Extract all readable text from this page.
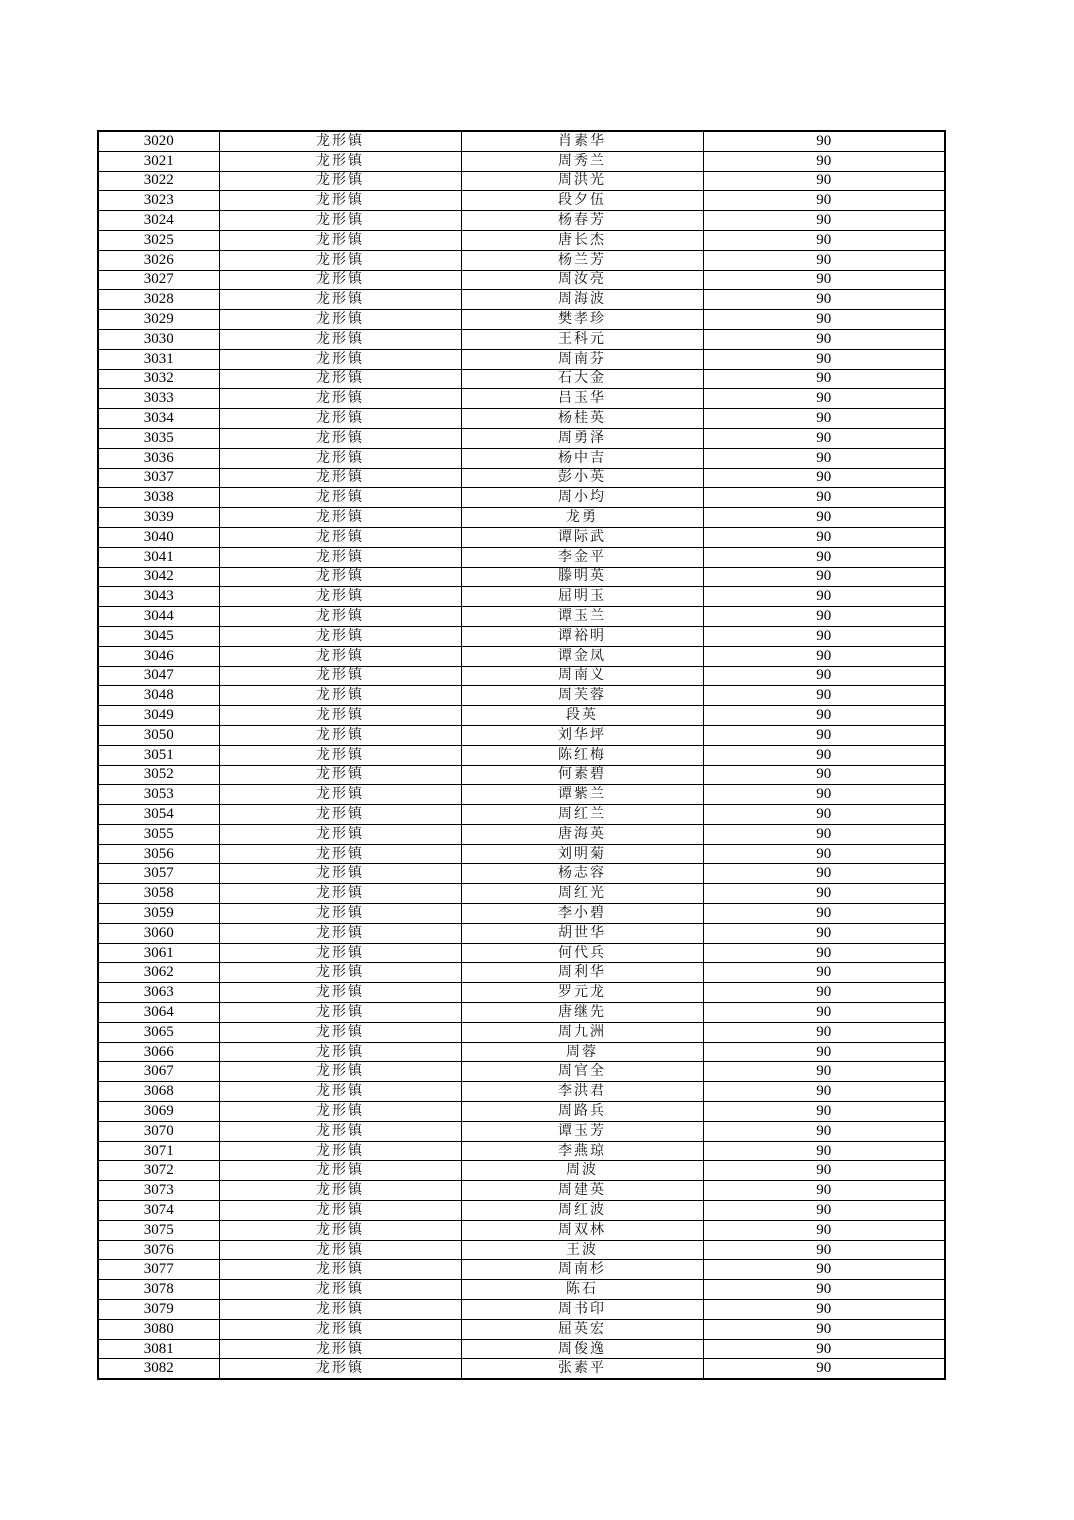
3020	龙形镇	肖素华	90
3021	龙形镇	周秀兰	90
3022	龙形镇	周洪光	90
3023	龙形镇	段夕伍	90
3024	龙形镇	杨春芳	90
3025	龙形镇	唐长杰	90
3026	龙形镇	杨兰芳	90
3027	龙形镇	周汝亮	90
3028	龙形镇	周海波	90
3029	龙形镇	樊孝珍	90
3030	龙形镇	王科元	90
3031	龙形镇	周南芬	90
3032	龙形镇	石大金	90
3033	龙形镇	吕玉华	90
3034	龙形镇	杨桂英	90
3035	龙形镇	周勇泽	90
3036	龙形镇	杨中吉	90
3037	龙形镇	彭小英	90
3038	龙形镇	周小均	90
3039	龙形镇	龙勇	90
3040	龙形镇	谭际武	90
3041	龙形镇	李金平	90
3042	龙形镇	滕明英	90
3043	龙形镇	屈明玉	90
3044	龙形镇	谭玉兰	90
3045	龙形镇	谭裕明	90
3046	龙形镇	谭金凤	90
3047	龙形镇	周南义	90
3048	龙形镇	周芙蓉	90
3049	龙形镇	段英	90
3050	龙形镇	刘华坪	90
3051	龙形镇	陈红梅	90
3052	龙形镇	何素碧	90
3053	龙形镇	谭紫兰	90
3054	龙形镇	周红兰	90
3055	龙形镇	唐海英	90
3056	龙形镇	刘明菊	90
3057	龙形镇	杨志容	90
3058	龙形镇	周红光	90
3059	龙形镇	李小碧	90
3060	龙形镇	胡世华	90
3061	龙形镇	何代兵	90
3062	龙形镇	周利华	90
3063	龙形镇	罗元龙	90
3064	龙形镇	唐继先	90
3065	龙形镇	周九洲	90
3066	龙形镇	周蓉	90
3067	龙形镇	周官全	90
3068	龙形镇	李洪君	90
3069	龙形镇	周路兵	90
3070	龙形镇	谭玉芳	90
3071	龙形镇	李燕琼	90
3072	龙形镇	周波	90
3073	龙形镇	周建英	90
3074	龙形镇	周红波	90
3075	龙形镇	周双林	90
3076	龙形镇	王波	90
3077	龙形镇	周南杉	90
3078	龙形镇	陈石	90
3079	龙形镇	周书印	90
3080	龙形镇	屈英宏	90
3081	龙形镇	周俊逸	90
3082	龙形镇	张素平	90
